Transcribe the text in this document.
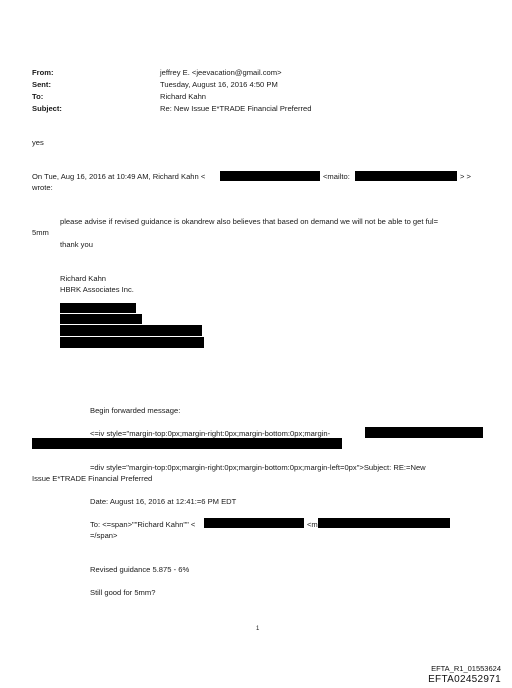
From:	jeffrey E. <jeevacation@gmail.com>
Sent:	Tuesday, August 16, 2016 4:50 PM
To:	Richard Kahn
Subject:	Re: New Issue E*TRADE Financial Preferred
yes
On Tue, Aug 16, 2016 at 10:49 AM, Richard Kahn <	<mailto:	> >
wrote:
please advise if revised guidance is okandrew also believes that based on demand we will not be able to get ful=
5mm
thank you
Richard Kahn
HBRK Associates Inc.
Begin forwarded message:
<=iv style="margin-top:0px;margin-right:0px;margin-bottom:0px;margin-
=div style="margin-top:0px;margin-right:0px;margin-bottom:0px;margin-left=0px">Subject: RE:=New
Issue E*TRADE Financial Preferred
Date: August 16, 2016 at 12:41:=6 PM EDT
To: <=span>""Richard Kahn"" <	<m
=/span>
Revised guidance 5.875 - 6%
Still good for 5mm?
1
EFTA_R1_01553624
EFTA02452971
